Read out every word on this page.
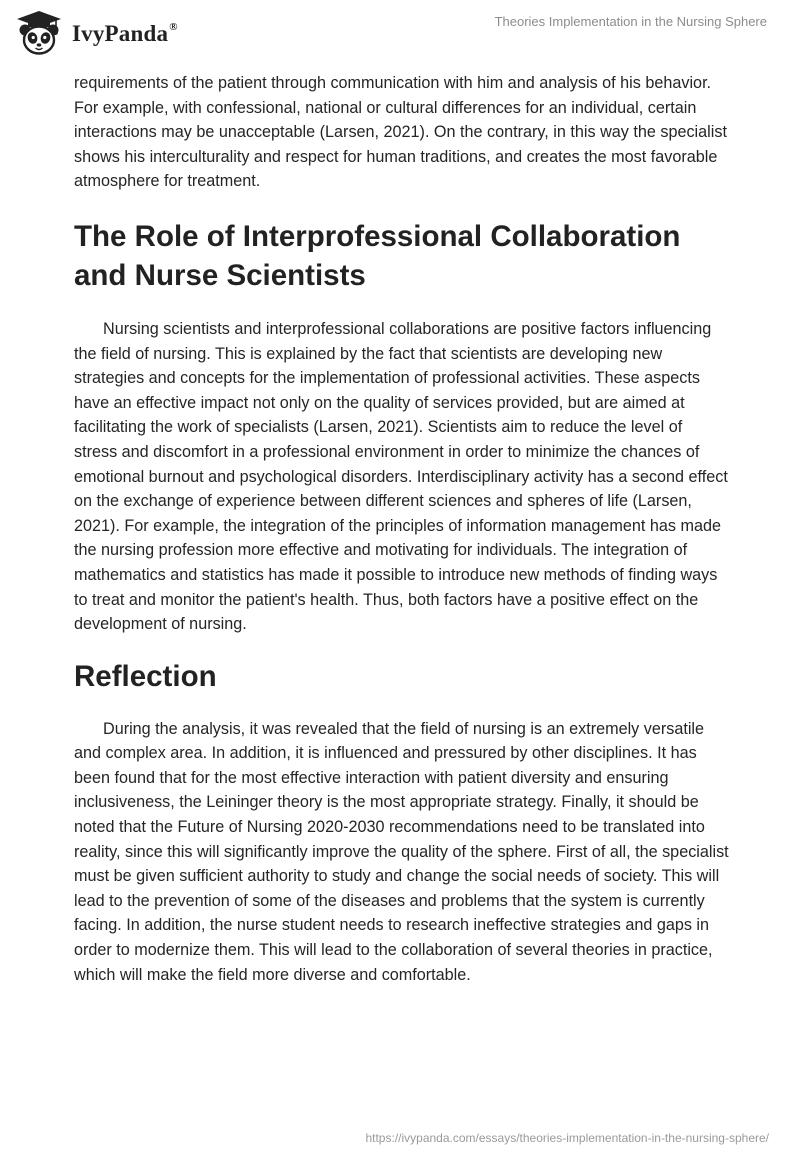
IvyPanda®	Theories Implementation in the Nursing Sphere

requirements of the patient through communication with him and analysis of his behavior. For example, with confessional, national or cultural differences for an individual, certain interactions may be unacceptable (Larsen, 2021). On the contrary, in this way the specialist shows his interculturality and respect for human traditions, and creates the most favorable atmosphere for treatment.

The Role of Interprofessional Collaboration and Nurse Scientists

Nursing scientists and interprofessional collaborations are positive factors influencing the field of nursing. This is explained by the fact that scientists are developing new strategies and concepts for the implementation of professional activities. These aspects have an effective impact not only on the quality of services provided, but are aimed at facilitating the work of specialists (Larsen, 2021). Scientists aim to reduce the level of stress and discomfort in a professional environment in order to minimize the chances of emotional burnout and psychological disorders. Interdisciplinary activity has a second effect on the exchange of experience between different sciences and spheres of life (Larsen, 2021). For example, the integration of the principles of information management has made the nursing profession more effective and motivating for individuals. The integration of mathematics and statistics has made it possible to introduce new methods of finding ways to treat and monitor the patient's health. Thus, both factors have a positive effect on the development of nursing.

Reflection

During the analysis, it was revealed that the field of nursing is an extremely versatile and complex area. In addition, it is influenced and pressured by other disciplines. It has been found that for the most effective interaction with patient diversity and ensuring inclusiveness, the Leininger theory is the most appropriate strategy. Finally, it should be noted that the Future of Nursing 2020-2030 recommendations need to be translated into reality, since this will significantly improve the quality of the sphere. First of all, the specialist must be given sufficient authority to study and change the social needs of society. This will lead to the prevention of some of the diseases and problems that the system is currently facing. In addition, the nurse student needs to research ineffective strategies and gaps in order to modernize them. This will lead to the collaboration of several theories in practice, which will make the field more diverse and comfortable.

https://ivypanda.com/essays/theories-implementation-in-the-nursing-sphere/
